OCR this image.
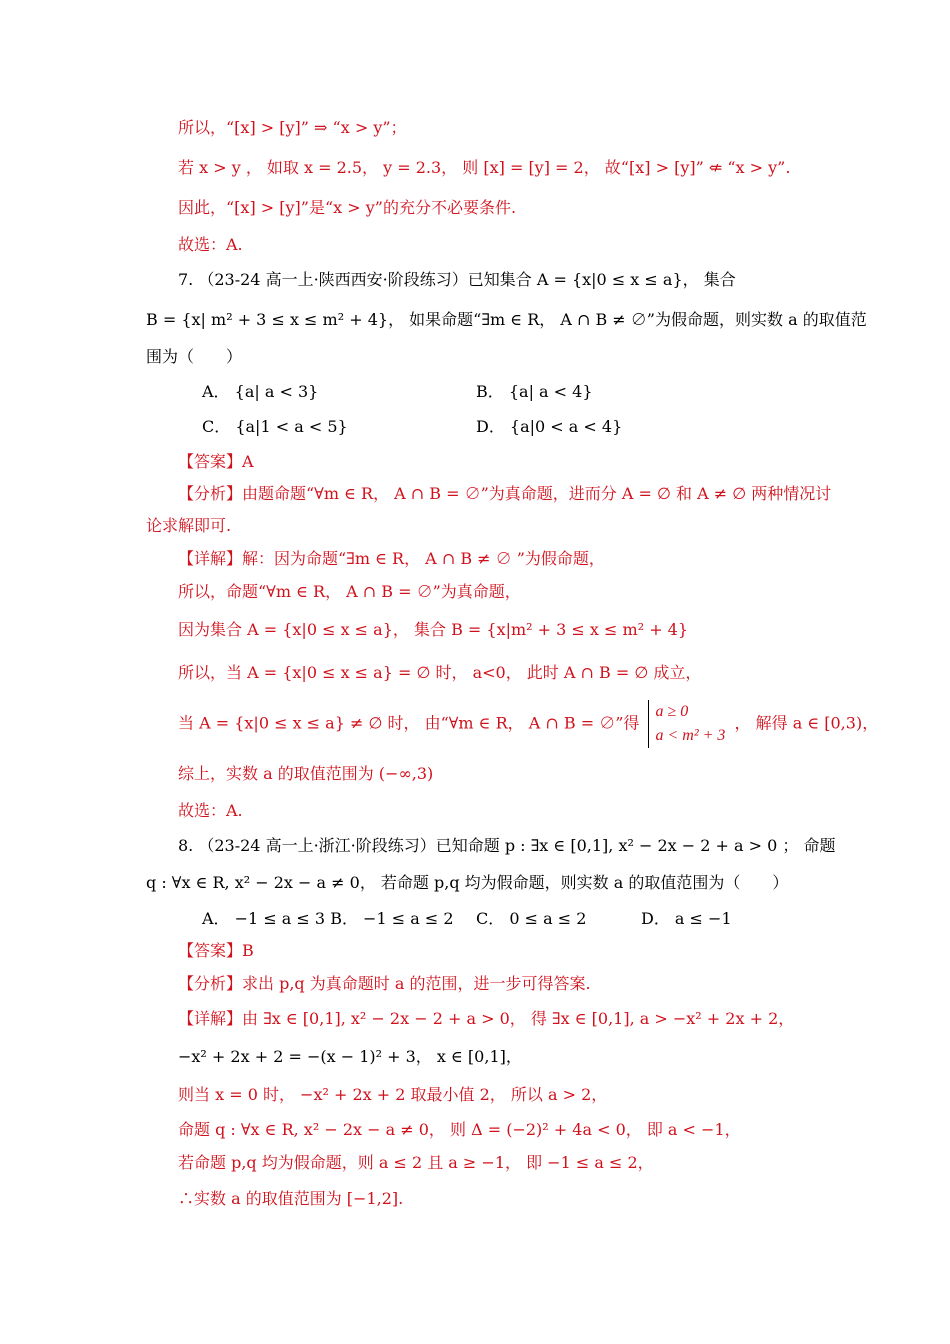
所以，“[x] > [y]” ⇒ “x > y”；
若 x > y ， 如取 x = 2.5， y = 2.3， 则 [x] = [y] = 2， 故“[x] > [y]” ⇍ “x > y”.
因此，“[x] > [y]”是“x > y”的充分不必要条件.
故选：A.
7. （23-24 高一上·陕西西安·阶段练习）已知集合 A = {x|0 ≤ x ≤ a}， 集合
B = {x| m² + 3 ≤ x ≤ m² + 4}， 如果命题“∃m ∈ R， A ∩ B ≠ ∅”为假命题，则实数 a 的取值范
围为（　　）
A． {a| a < 3}	B． {a| a < 4}
C． {a|1 < a < 5}	D． {a|0 < a < 4}
【答案】A
【分析】由题命题“∀m ∈ R， A ∩ B = ∅”为真命题，进而分 A = ∅ 和 A ≠ ∅ 两种情况讨
论求解即可.
【详解】解：因为命题“∃m ∈ R， A ∩ B ≠ ∅ ”为假命题，
所以，命题“∀m ∈ R， A ∩ B = ∅”为真命题，
因为集合 A = {x|0 ≤ x ≤ a}， 集合 B = {x|m² + 3 ≤ x ≤ m² + 4}
所以，当 A = {x|0 ≤ x ≤ a} = ∅ 时， a<0， 此时 A ∩ B = ∅ 成立，
综上，实数 a 的取值范围为 (−∞,3)
故选：A.
8. （23-24 高一上·浙江·阶段练习）已知命题 p : ∃x ∈ [0,1], x² − 2x − 2 + a > 0 ； 命题
q : ∀x ∈ R, x² − 2x − a ≠ 0， 若命题 p,q 均为假命题，则实数 a 的取值范围为（　　）
A． −1 ≤ a ≤ 3 B． −1 ≤ a ≤ 2 C． 0 ≤ a ≤ 2	D． a ≤ −1
【答案】B
【分析】求出 p,q 为真命题时 a 的范围，进一步可得答案.
【详解】由 ∃x ∈ [0,1], x² − 2x − 2 + a > 0， 得 ∃x ∈ [0,1], a > −x² + 2x + 2，
−x² + 2x + 2 = −(x − 1)² + 3， x ∈ [0,1]，
则当 x = 0 时， −x² + 2x + 2 取最小值 2， 所以 a > 2，
命题 q : ∀x ∈ R, x² − 2x − a ≠ 0， 则 Δ = (−2)² + 4a < 0， 即 a < −1，
若命题 p,q 均为假命题，则 a ≤ 2 且 a ≥ −1， 即 −1 ≤ a ≤ 2，
∴实数 a 的取值范围为 [−1,2].
当 A = {x|0 ≤ x ≤ a} ≠ ∅ 时， 由“∀m ∈ R， A ∩ B = ∅”得
a ≥ 0
a < m² + 3
， 解得 a ∈ [0,3)，
